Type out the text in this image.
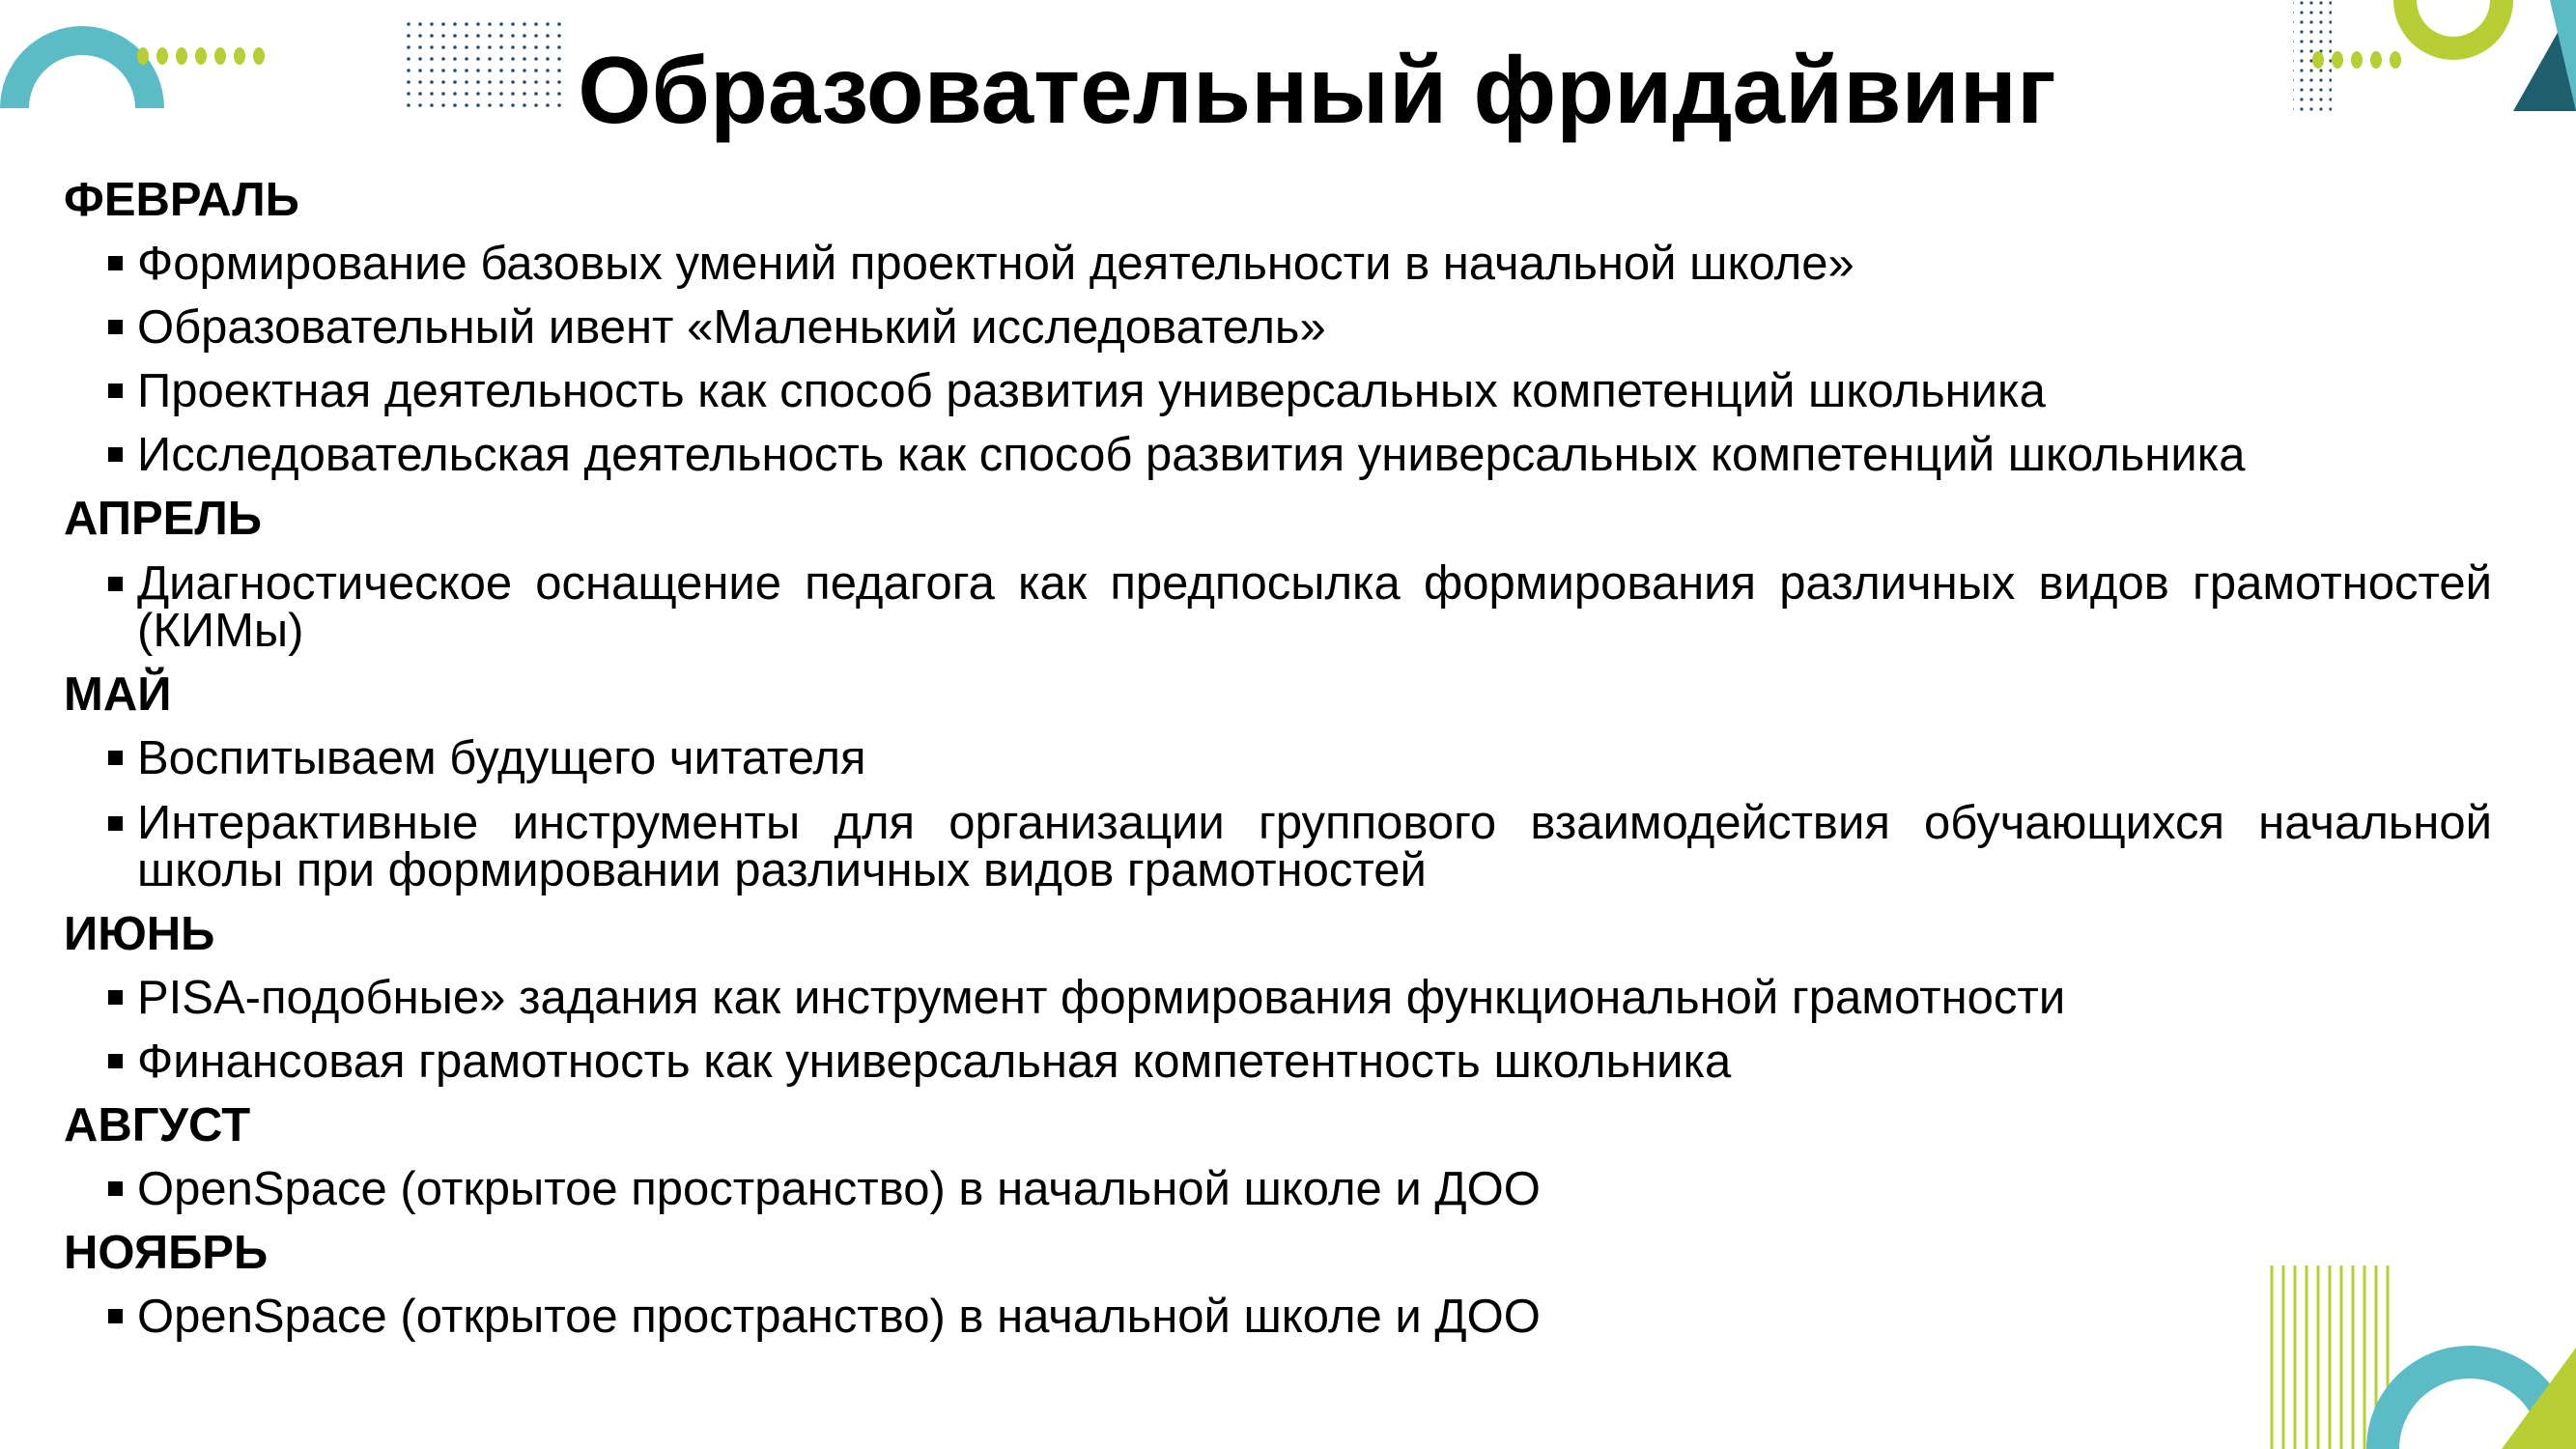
Образовательный фридайвинг
ФЕВРАЛЬ
Формирование базовых умений проектной деятельности в начальной школе»
Образовательный ивент «Маленький исследователь»
Проектная деятельность как способ развития универсальных компетенций школьника
Исследовательская деятельность как способ развития универсальных компетенций школьника
АПРЕЛЬ
Диагностическое оснащение педагога как предпосылка формирования различных видов грамотностей (КИМы)
МАЙ
Воспитываем будущего читателя
Интерактивные инструменты для организации группового взаимодействия обучающихся начальной школы при формировании различных видов грамотностей
ИЮНЬ
PISA-подобные» задания как инструмент формирования функциональной грамотности
Финансовая грамотность как универсальная компетентность школьника
АВГУСТ
OpenSpace (открытое пространство) в начальной школе и ДОО
НОЯБРЬ
OpenSpace (открытое пространство) в начальной школе и ДОО
